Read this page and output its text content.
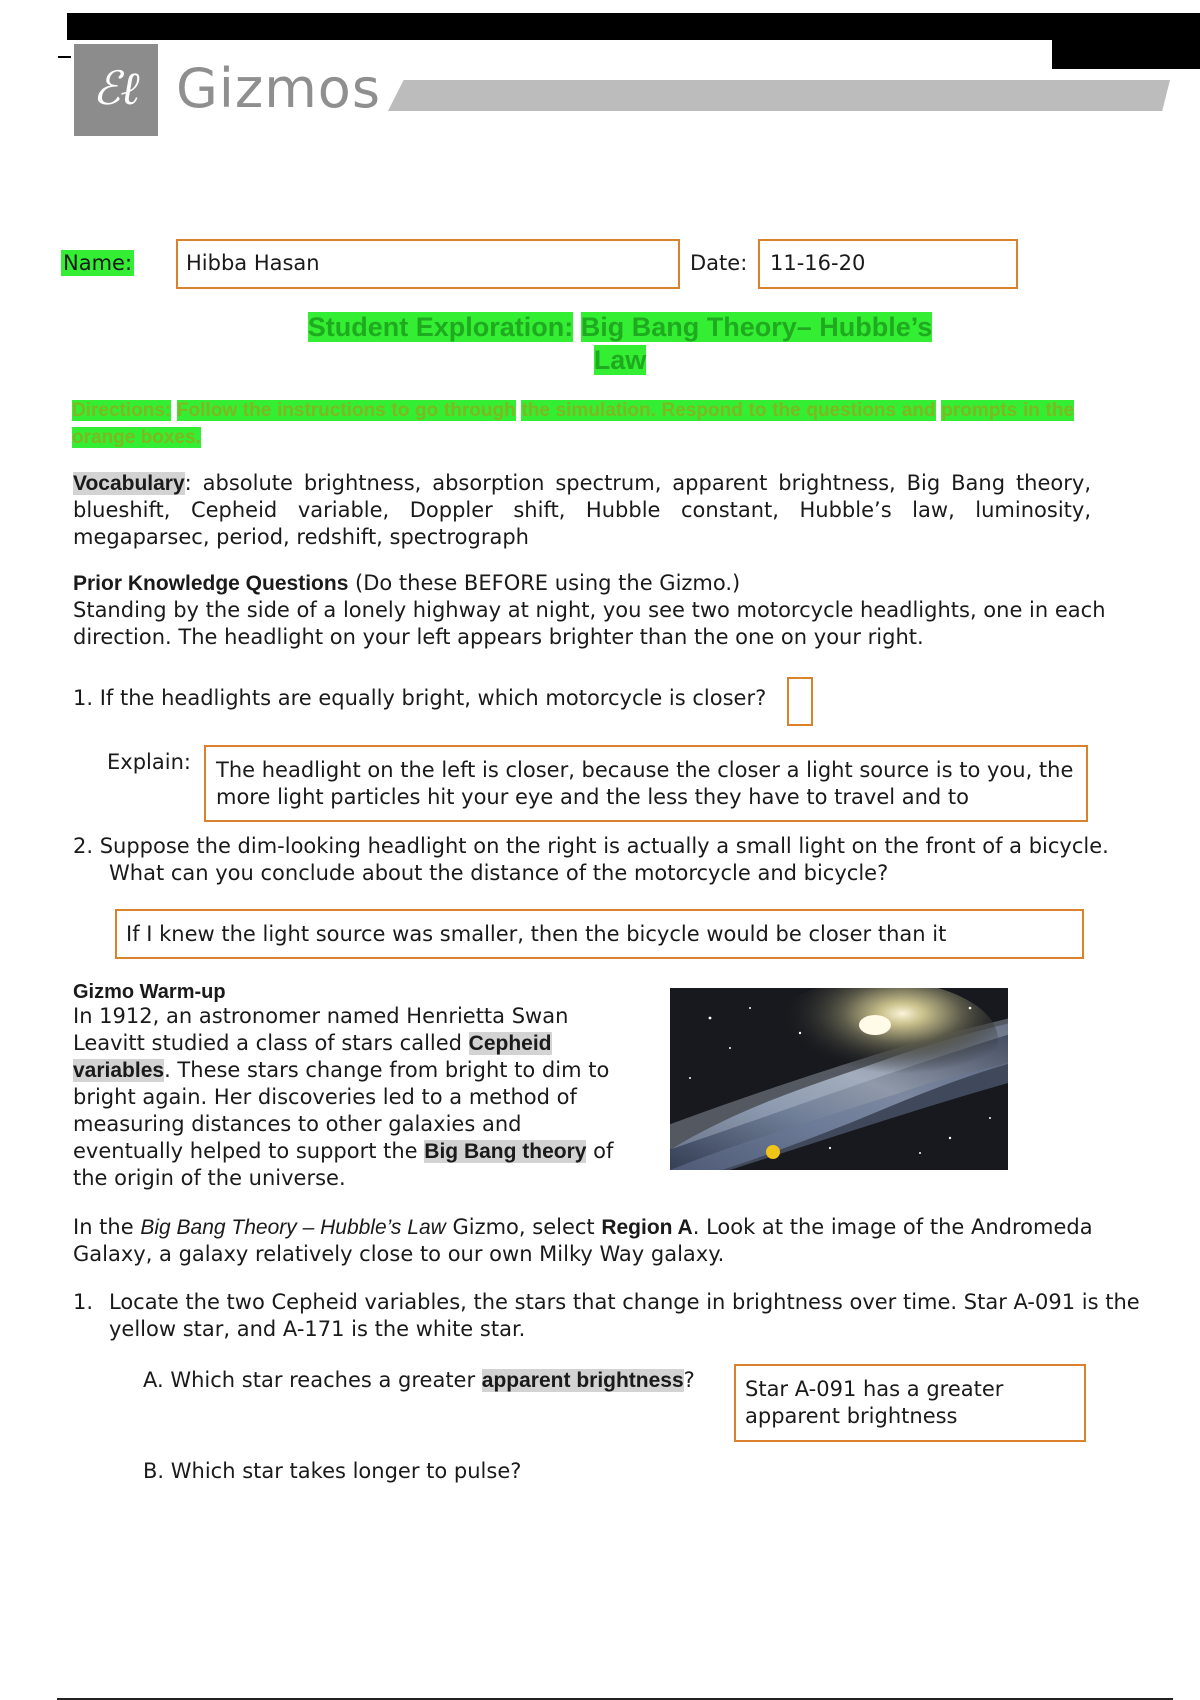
ℰℓ Gizmos
Name:	Hibba Hasan	Date: 11-16-20
Student Exploration: Big Bang Theory– Hubble’s
Law
Directions: Follow the instructions to go through the simulation. Respond to the questions and prompts in the orange boxes.
Vocabulary: absolute brightness, absorption spectrum, apparent brightness, Big Bang theory, blueshift, Cepheid variable, Doppler shift, Hubble constant, Hubble’s law, luminosity, megaparsec, period, redshift, spectrograph
Prior Knowledge Questions (Do these BEFORE using the Gizmo.)
Standing by the side of a lonely highway at night, you see two motorcycle headlights, one in each direction. The headlight on your left appears brighter than the one on your right.
1. If the headlights are equally bright, which motorcycle is closer?
Explain:	The headlight on the left is closer, because the closer a light source is to you, the more light particles hit your eye and the less they have to travel and to
2. Suppose the dim-looking headlight on the right is actually a small light on the front of a bicycle. What can you conclude about the distance of the motorcycle and bicycle?
If I knew the light source was smaller, then the bicycle would be closer than it
Gizmo Warm-up
In 1912, an astronomer named Henrietta Swan Leavitt studied a class of stars called Cepheid variables. These stars change from bright to dim to bright again. Her discoveries led to a method of measuring distances to other galaxies and eventually helped to support the Big Bang theory of the origin of the universe.
In the Big Bang Theory – Hubble’s Law Gizmo, select Region A. Look at the image of the Andromeda Galaxy, a galaxy relatively close to our own Milky Way galaxy.
1. Locate the two Cepheid variables, the stars that change in brightness over time. Star A-091 is the yellow star, and A-171 is the white star.
A. Which star reaches a greater apparent brightness?	Star A-091 has a greater apparent brightness
B. Which star takes longer to pulse?
